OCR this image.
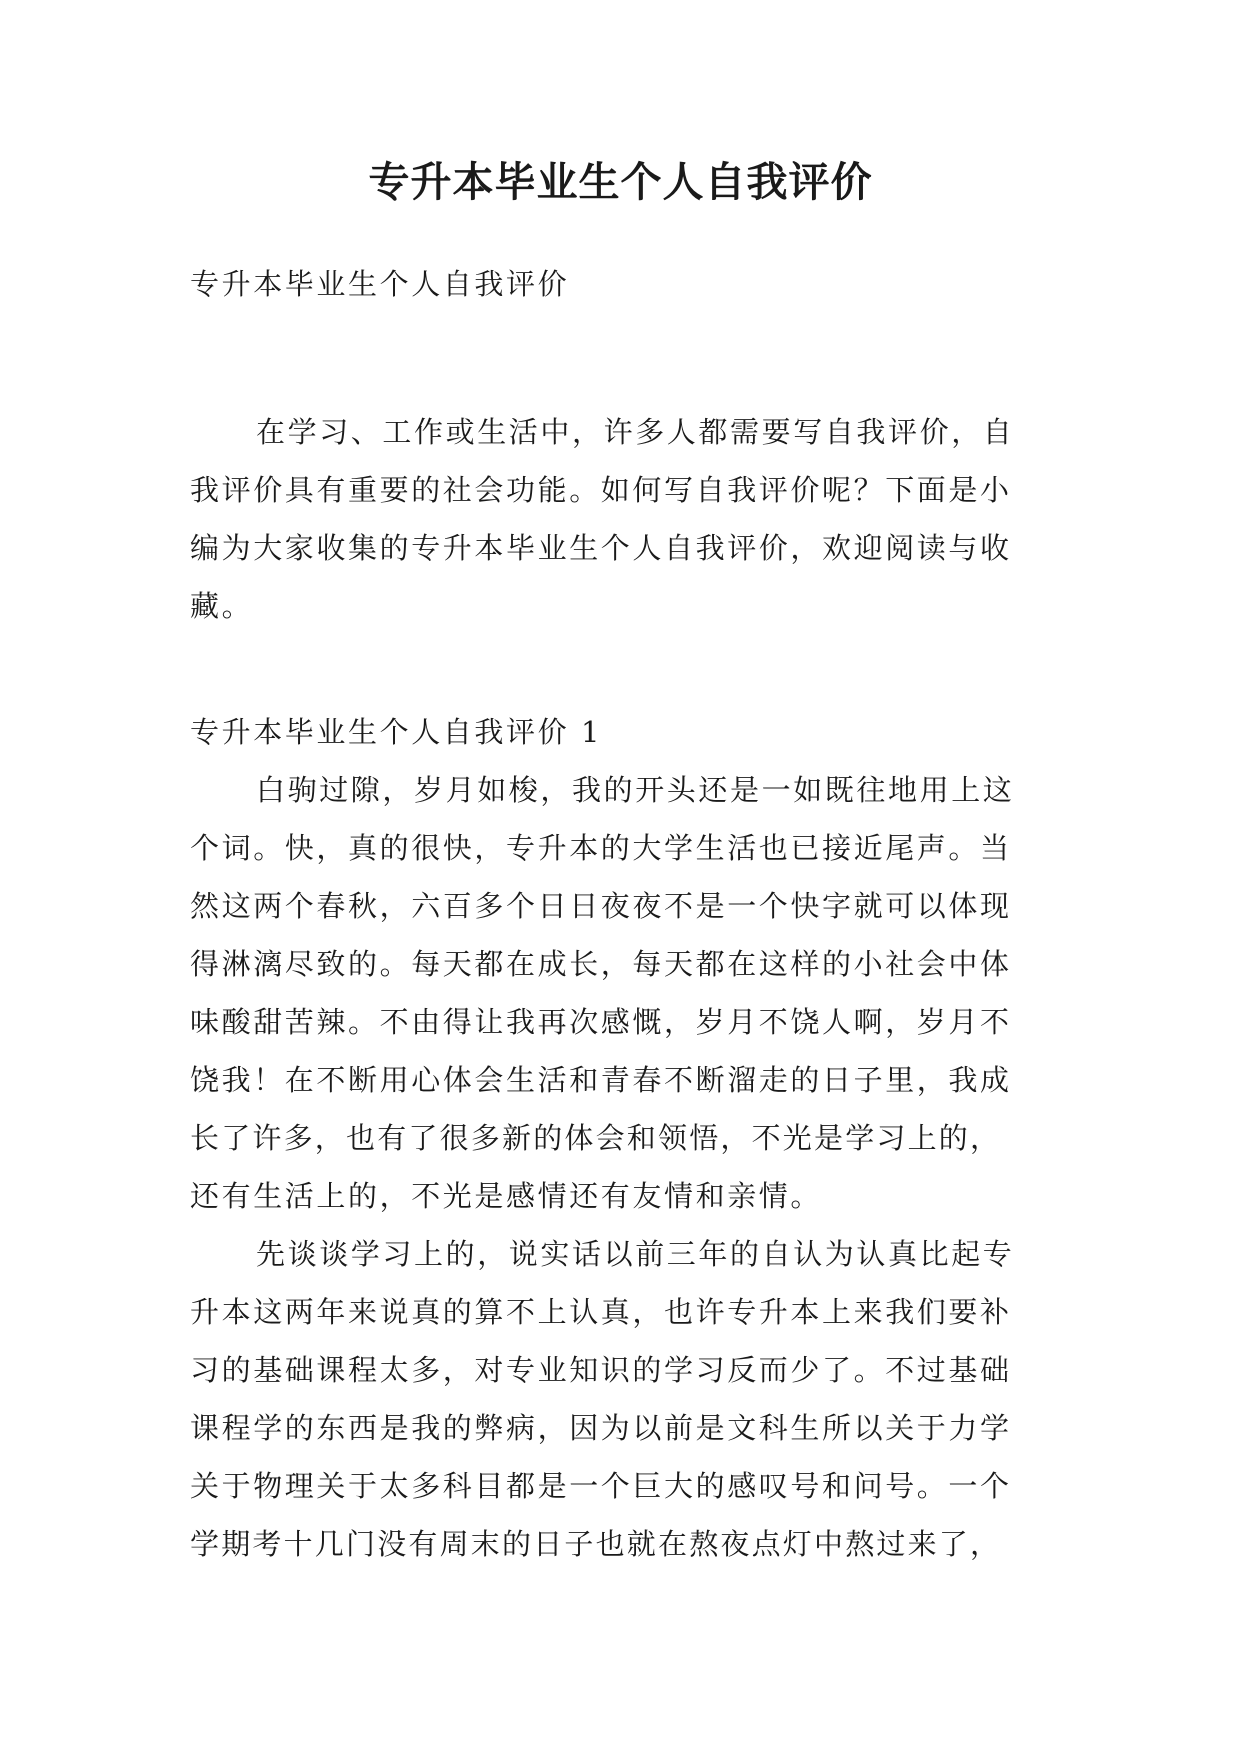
专升本毕业生个人自我评价
专升本毕业生个人自我评价
在学习、工作或生活中，许多人都需要写自我评价，自
我评价具有重要的社会功能。如何写自我评价呢？下面是小
编为大家收集的专升本毕业生个人自我评价，欢迎阅读与收
藏。
专升本毕业生个人自我评价 1
白驹过隙，岁月如梭，我的开头还是一如既往地用上这
个词。快，真的很快，专升本的大学生活也已接近尾声。当
然这两个春秋，六百多个日日夜夜不是一个快字就可以体现
得淋漓尽致的。每天都在成长，每天都在这样的小社会中体
味酸甜苦辣。不由得让我再次感慨，岁月不饶人啊，岁月不
饶我！在不断用心体会生活和青春不断溜走的日子里，我成
长了许多，也有了很多新的体会和领悟，不光是学习上的，
还有生活上的，不光是感情还有友情和亲情。
先谈谈学习上的，说实话以前三年的自认为认真比起专
升本这两年来说真的算不上认真，也许专升本上来我们要补
习的基础课程太多，对专业知识的学习反而少了。不过基础
课程学的东西是我的弊病，因为以前是文科生所以关于力学
关于物理关于太多科目都是一个巨大的感叹号和问号。一个
学期考十几门没有周末的日子也就在熬夜点灯中熬过来了，
